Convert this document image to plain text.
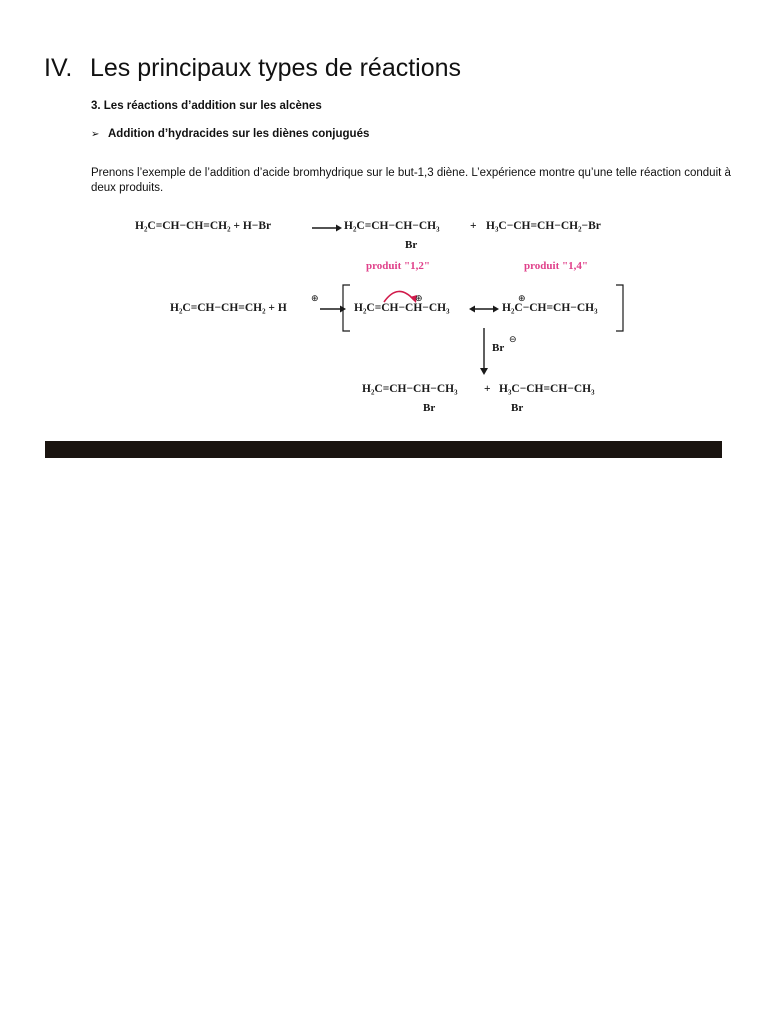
IV. Les principaux types de réactions
3. Les réactions d’addition sur les alcènes
➢ Addition d’hydracides sur les diènes conjugués
Prenons l’exemple de l’addition d’acide bromhydrique sur le but-1,3 diène. L’expérience montre qu’une telle réaction conduit à deux produits.
H₂C=CH−CH=CH₂ + H−Br	→ H₂C=CH−CH−CH₃	+ H₃C−CH=CH−CH₂−Br
Br
produit "1,2"	produit "1,4"
H₂C=CH−CH=CH₂ + H
⊕
→ H₂C=CH−CH−CH₃
⊕
H₂C−CH=CH−CH₃
⊕
Br
⊖
H₂C=CH−CH−CH₃ + H₃C−CH=CH−CH₃
Br	Br
